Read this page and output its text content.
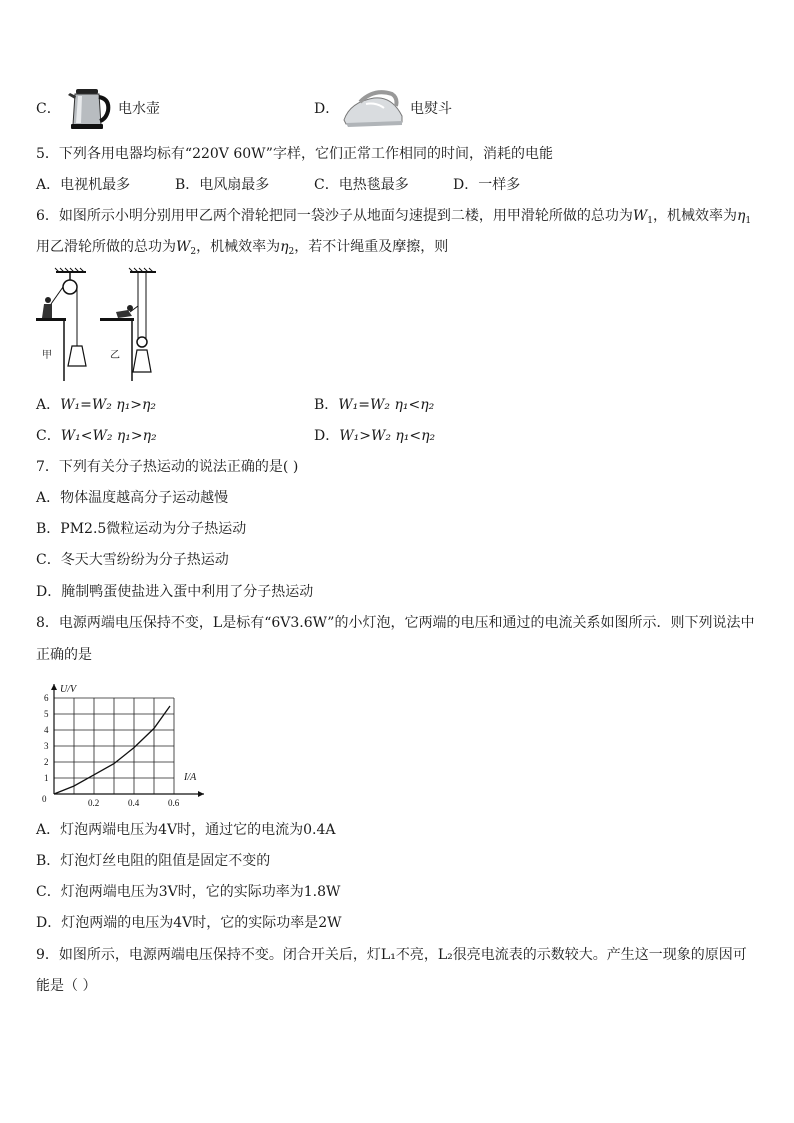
C．	电水壶	D．	电熨斗
5．下列各用电器均标有“220V 60W”字样，它们正常工作相同的时间，消耗的电能
A．电视机最多	B．电风扇最多	C．电热毯最多	D．一样多
6．如图所示小明分别用甲乙两个滑轮把同一袋沙子从地面匀速提到二楼，用甲滑轮所做的总功为$W_1$，机械效率为$\eta_1$
用乙滑轮所做的总功为$W_2$，机械效率为$\eta_2$，若不计绳重及摩擦，则
甲	乙
A．W₁=W₂ η₁>η₂	B．W₁=W₂ η₁<η₂
C．W₁<W₂ η₁>η₂	D．W₁>W₂ η₁<η₂
7．下列有关分子热运动的说法正确的是( )
A．物体温度越高分子运动越慢
B．PM2.5微粒运动为分子热运动
C．冬天大雪纷纷为分子热运动
D．腌制鸭蛋使盐进入蛋中利用了分子热运动
8．电源两端电压保持不变，L是标有“6V3.6W”的小灯泡，它两端的电压和通过的电流关系如图所示．则下列说法中
正确的是
1
2
3
4
5
6
0.2	0.4	0.6
0
U/V
I/A
A．灯泡两端电压为4V时，通过它的电流为0.4A
B．灯泡灯丝电阻的阻值是固定不变的
C．灯泡两端电压为3V时，它的实际功率为1.8W
D．灯泡两端的电压为4V时，它的实际功率是2W
9．如图所示，电源两端电压保持不变。闭合开关后，灯L₁不亮，L₂很亮电流表的示数较大。产生这一现象的原因可
能是（ ）
